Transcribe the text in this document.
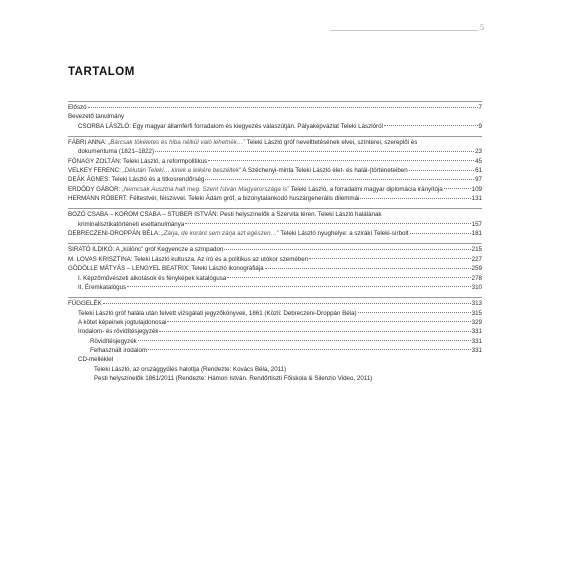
5
TARTALOM
Előszó	7
Bevezető tanulmány
CSORBA LÁSZLÓ: Egy magyar államférfi forradalom és kiegyezés válaszútján. Pályaképvázlat Teleki Lászlóról	9
FÁBRI ANNA: „Bárcsak tökéletes és hiba nélkül való lehetnék…” Teleki László gróf nevelttetésének elvei, színterei, szereplői és
dokumentuma (1821–1822)	23
FÓNAGY ZOLTÁN: Teleki László, a reformpolitikus	45
VELKEY FERENC: „Délután Teleki… kinek a leikére beszéltek” A Széchenyi-minta Teleki László élet- és halál-(történeteiben	61
DEÁK ÁGNES: Teleki László és a titkosrendőrség	97
ERDŐDY GÁBOR: „Nemcsak Ausztria halt meg. Szent István Magyarországa is” Teleki László, a forradalmi magyar diplomácia irányítója	109
HERMANN RÓBERT: Féltestvér, féiszivvel. Teleki Ádám gróf, a bizonytalankodó huszárgenerális dilemmái	131
BOZÓ CSABA – KOROM CSABA – STUBER ISTVÁN: Pesti helyszínelők a Szervita téren. Teleki László halálának
kriminalisztikatörténeti esettanulmánya	157
DEBRECZENI-DROPPÁN BÉLA: „Zárja, de koránt sem zárja azt egészen…” Teleki László nyughelye: a szirákí Teleki-sírbolt	181
SIRATÓ ILDIKÓ: A „különc” gróf Kegyencze a színpadon	215
M. LOVAS KRISZTINA: Teleki László kultusza. Az író és a politikus az utókor szemében	227
GÖDÖLLE MÁTYÁS – LENGYEL BEATRIX: Teleki László ikonográfiája	259
I. Képzőművészeti alkotások és fényképek katalógusa	278
II. Éremkatalógus	310
FÜGGELÉK	313
Teleki László gróf halála után felvett vizsgálati jegyzőkönyvek, 1861 (Közli: Debreczeni-Droppán Béla)	315
A kötet képeinek jogtulajdonosai	329
Irodalom- és rövidítésjegyzék	331
Rövidítésjegyzék	331
Felhasznált irodalom	331
CD-melléklet
Teleki László, az országgyűlés halottja (Rendezte: Kovács Béla, 2011)
Pesti helyszínelők 1861/2011 (Rendezte: Hámori István. Rendőrtiszti Főiskola & Silenzio Video, 2011)
